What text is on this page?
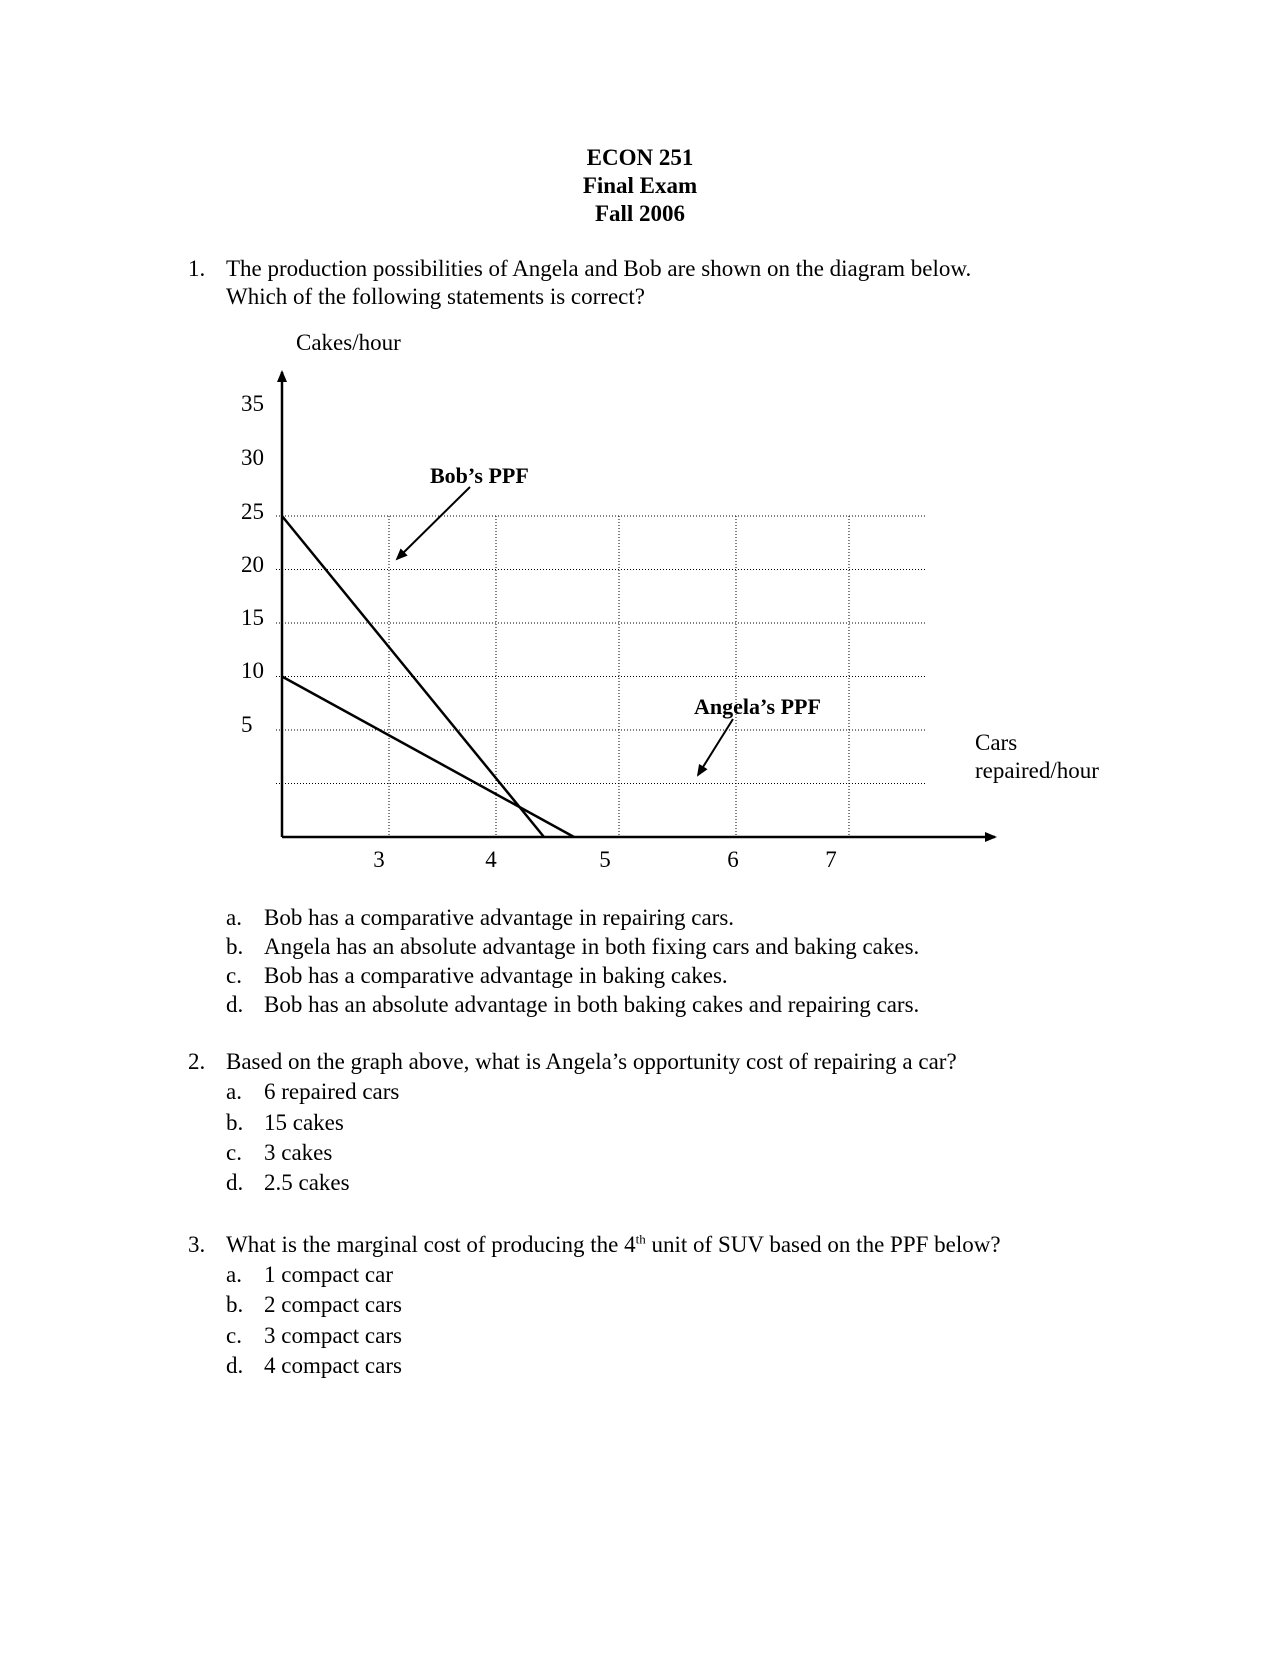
ECON 251
Final Exam
Fall 2006
1. The production possibilities of Angela and Bob are shown on the diagram below.
Which of the following statements is correct?
Cakes/hour
35
30
25
20
15
10
5
3	4	5	6	7
Cars
repaired/hour
Bob’s PPF
Angela’s PPF
a. Bob has a comparative advantage in repairing cars.
b. Angela has an absolute advantage in both fixing cars and baking cakes.
c. Bob has a comparative advantage in baking cakes.
d. Bob has an absolute advantage in both baking cakes and repairing cars.
2. Based on the graph above, what is Angela’s opportunity cost of repairing a car?
a. 6 repaired cars
b. 15 cakes
c. 3 cakes
d. 2.5 cakes
3. What is the marginal cost of producing the 4th unit of SUV based on the PPF below?
a. 1 compact car
b. 2 compact cars
c. 3 compact cars
d. 4 compact cars
